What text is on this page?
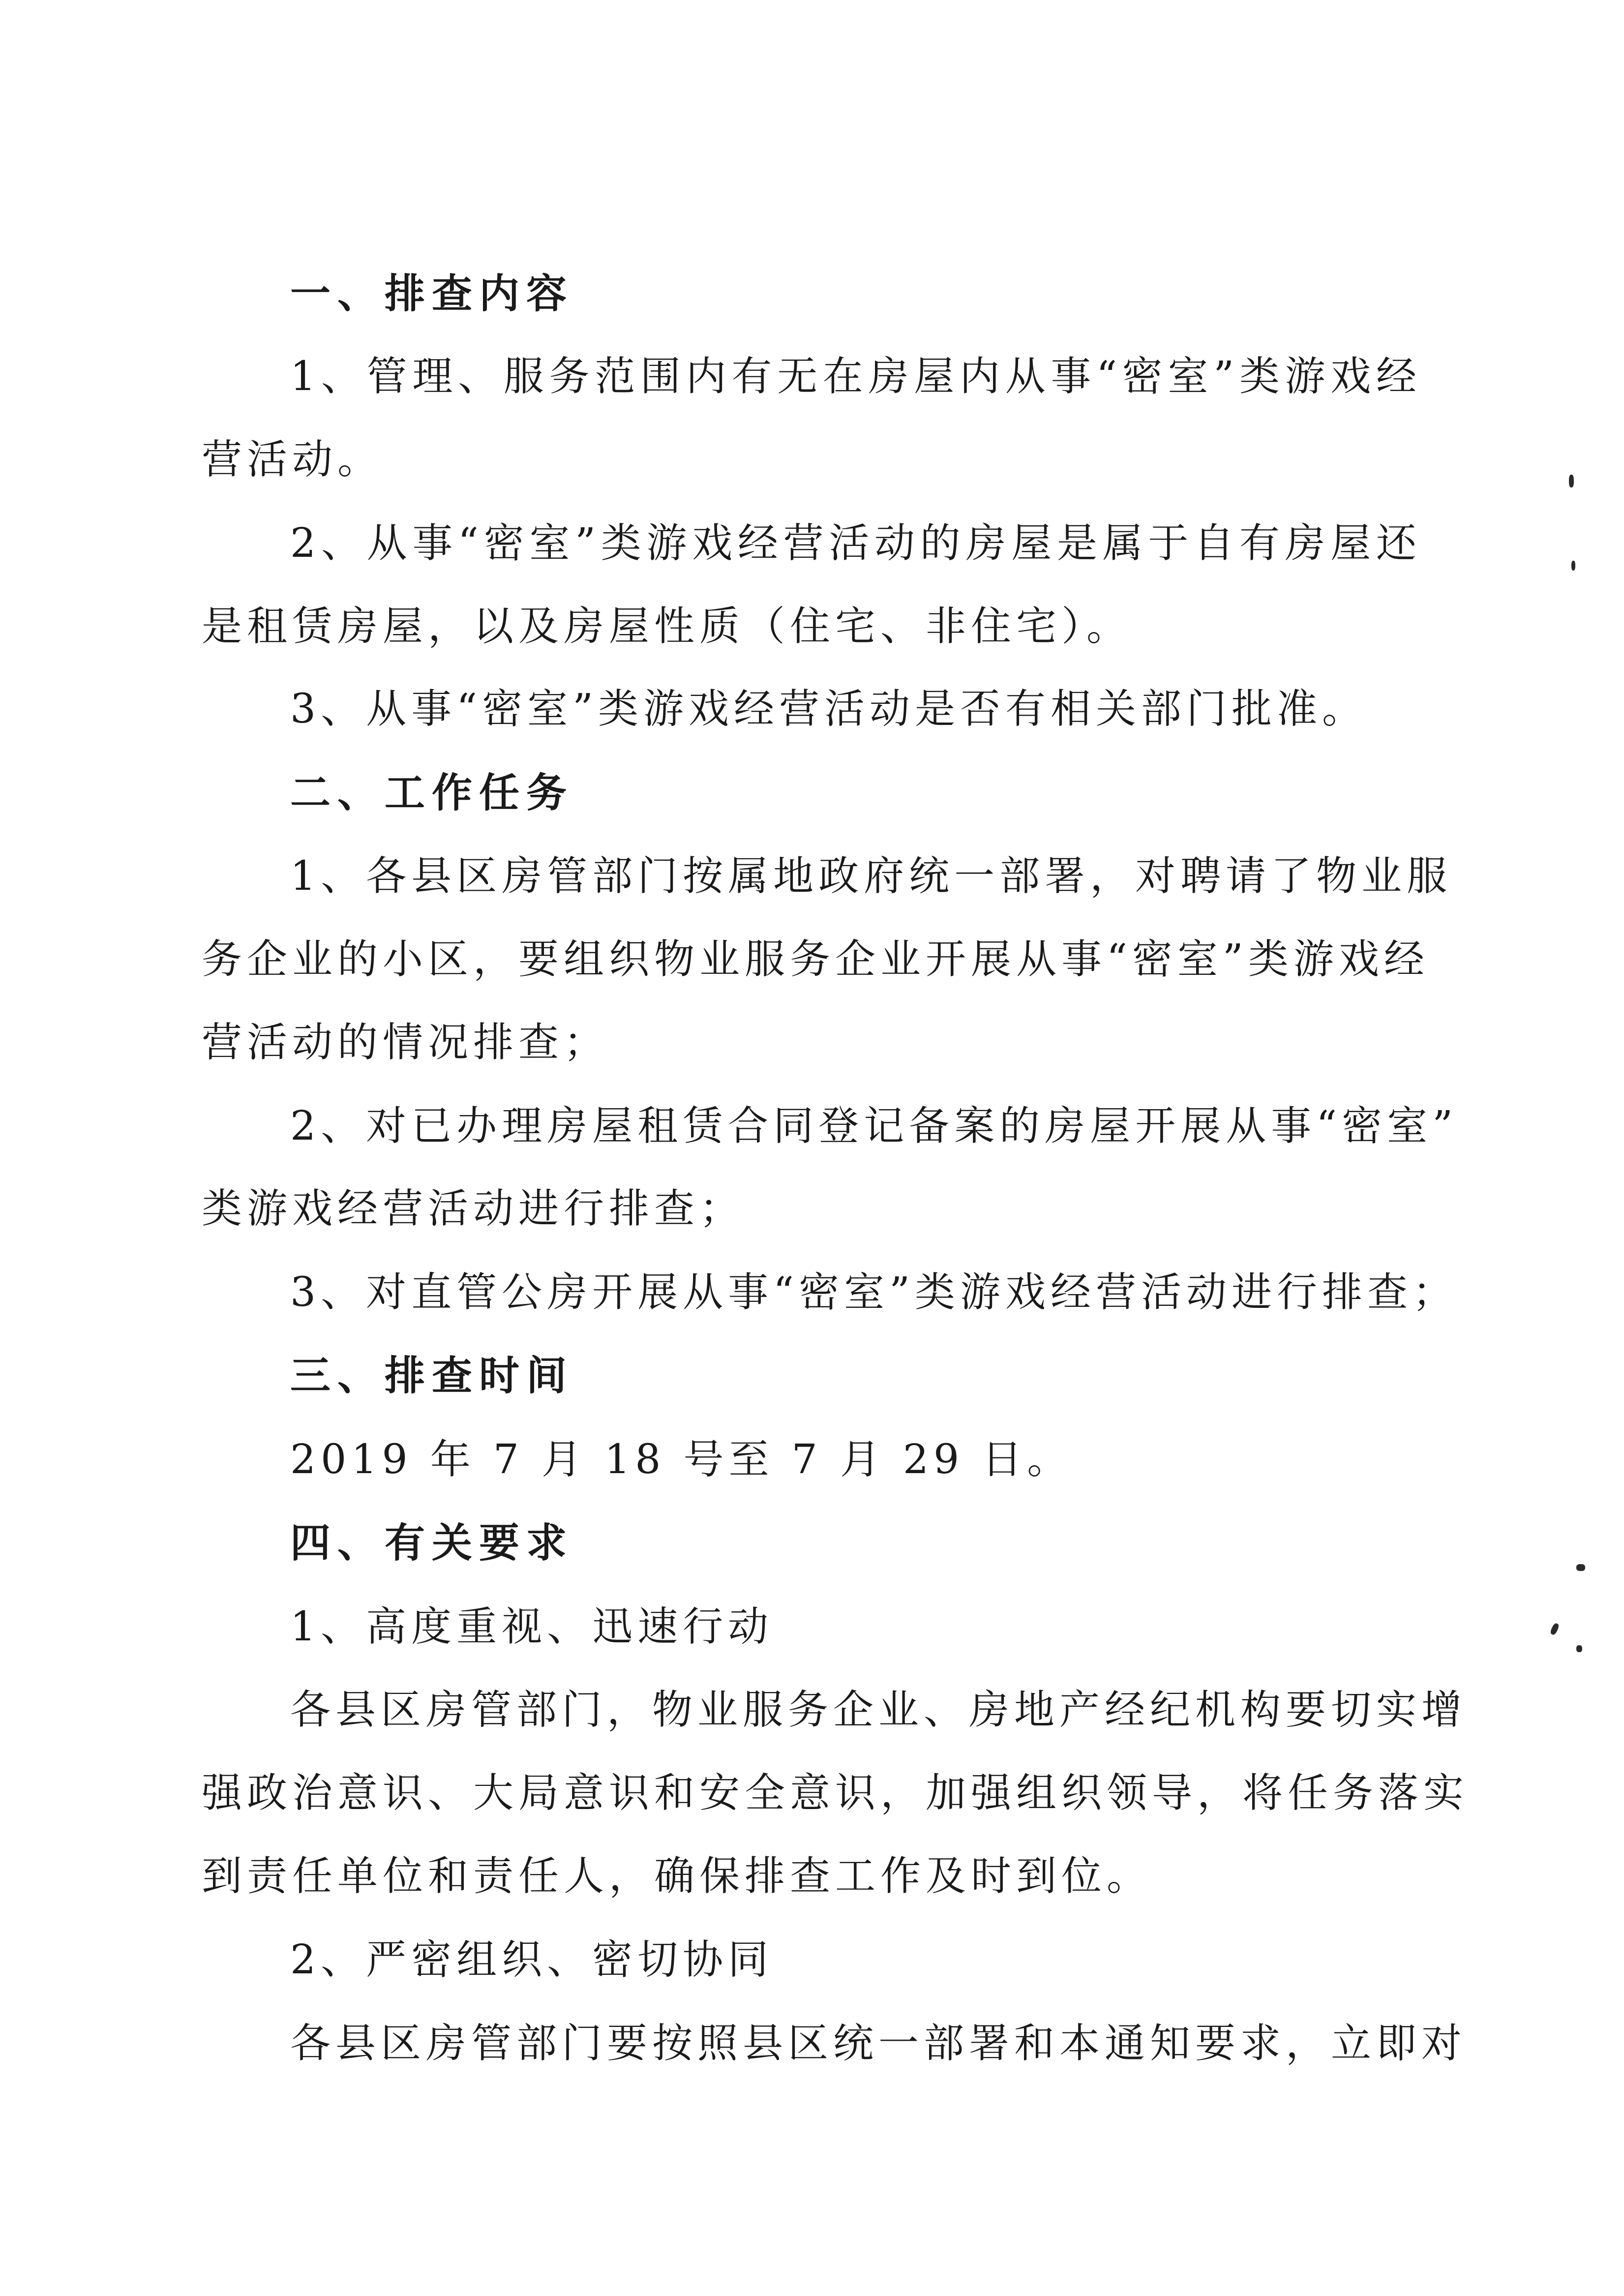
一、排查内容
1、管理、服务范围内有无在房屋内从事“密室”类游戏经
营活动。
2、从事“密室”类游戏经营活动的房屋是属于自有房屋还
是租赁房屋，以及房屋性质（住宅、非住宅）。
3、从事“密室”类游戏经营活动是否有相关部门批准。
二、工作任务
1、各县区房管部门按属地政府统一部署，对聘请了物业服
务企业的小区，要组织物业服务企业开展从事“密室”类游戏经
营活动的情况排查；
2、对已办理房屋租赁合同登记备案的房屋开展从事“密室”
类游戏经营活动进行排查；
3、对直管公房开展从事“密室”类游戏经营活动进行排查；
三、排查时间
2019 年 7 月 18 号至 7 月 29 日。
四、有关要求
1、高度重视、迅速行动
各县区房管部门，物业服务企业、房地产经纪机构要切实增
强政治意识、大局意识和安全意识，加强组织领导，将任务落实
到责任单位和责任人，确保排查工作及时到位。
2、严密组织、密切协同
各县区房管部门要按照县区统一部署和本通知要求，立即对
